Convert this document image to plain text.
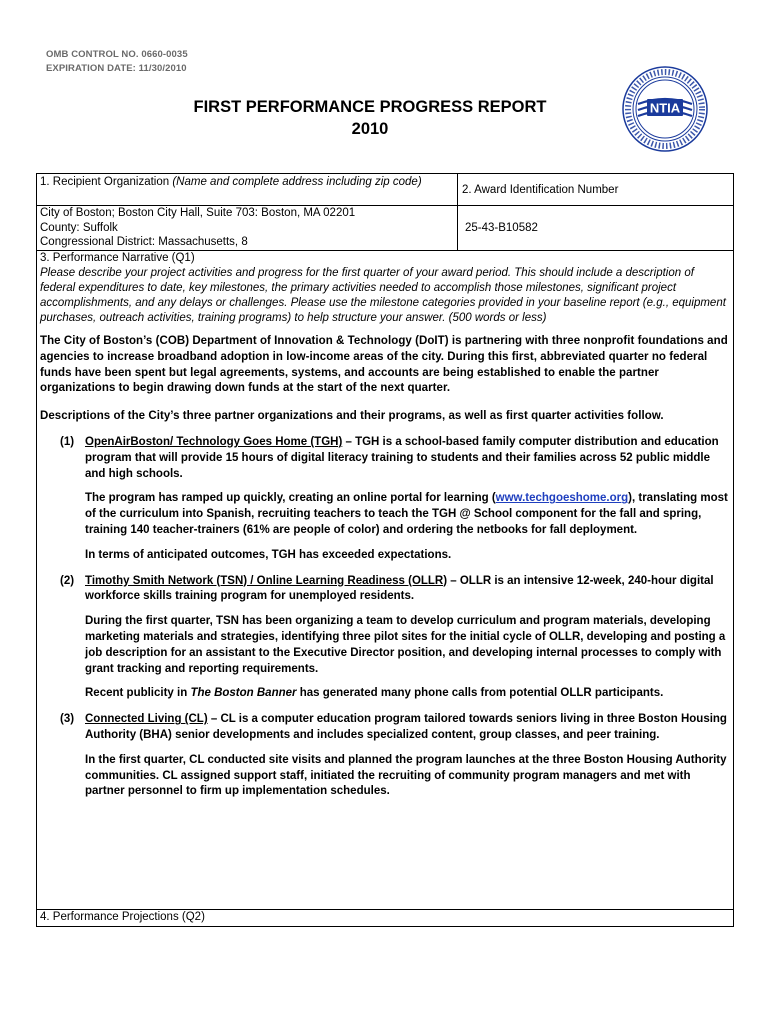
OMB CONTROL NO. 0660-0035
EXPIRATION DATE: 11/30/2010
FIRST PERFORMANCE PROGRESS REPORT
2010
NTIA
1. Recipient Organization (Name and complete address including zip code)
City of Boston; Boston City Hall, Suite 703: Boston, MA 02201
County: Suffolk
Congressional District: Massachusetts, 8
2. Award Identification Number
25-43-B10582
3. Performance Narrative (Q1)
Please describe your project activities and progress for the first quarter of your award period. This should include a description of federal expenditures to date, key milestones, the primary activities needed to accomplish those milestones, significant project accomplishments, and any delays or challenges. Please use the milestone categories provided in your baseline report (e.g., equipment purchases, outreach activities, training programs) to help structure your answer. (500 words or less)
The City of Boston’s (COB) Department of Innovation & Technology (DoIT) is partnering with three nonprofit foundations and agencies to increase broadband adoption in low-income areas of the city. During this first, abbreviated quarter no federal funds have been spent but legal agreements, systems, and accounts are being established to enable the partner organizations to begin drawing down funds at the start of the next quarter.
Descriptions of the City’s three partner organizations and their programs, as well as first quarter activities follow.
(1) OpenAirBoston/ Technology Goes Home (TGH) – TGH is a school-based family computer distribution and education program that will provide 15 hours of digital literacy training to students and their families across 52 public middle and high schools.
The program has ramped up quickly, creating an online portal for learning (www.techgoeshome.org), translating most of the curriculum into Spanish, recruiting teachers to teach the TGH @ School component for the fall and spring, training 140 teacher-trainers (61% are people of color) and ordering the netbooks for fall deployment.
In terms of anticipated outcomes, TGH has exceeded expectations.
(2) Timothy Smith Network (TSN) / Online Learning Readiness (OLLR) – OLLR is an intensive 12-week, 240-hour digital workforce skills training program for unemployed residents.
During the first quarter, TSN has been organizing a team to develop curriculum and program materials, developing marketing materials and strategies, identifying three pilot sites for the initial cycle of OLLR, developing and posting a job description for an assistant to the Executive Director position, and developing internal processes to comply with grant tracking and reporting requirements.
Recent publicity in The Boston Banner has generated many phone calls from potential OLLR participants.
(3) Connected Living (CL) – CL is a computer education program tailored towards seniors living in three Boston Housing Authority (BHA) senior developments and includes specialized content, group classes, and peer training.
In the first quarter, CL conducted site visits and planned the program launches at the three Boston Housing Authority communities. CL assigned support staff, initiated the recruiting of community program managers and met with partner personnel to firm up implementation schedules.
4. Performance Projections (Q2)
